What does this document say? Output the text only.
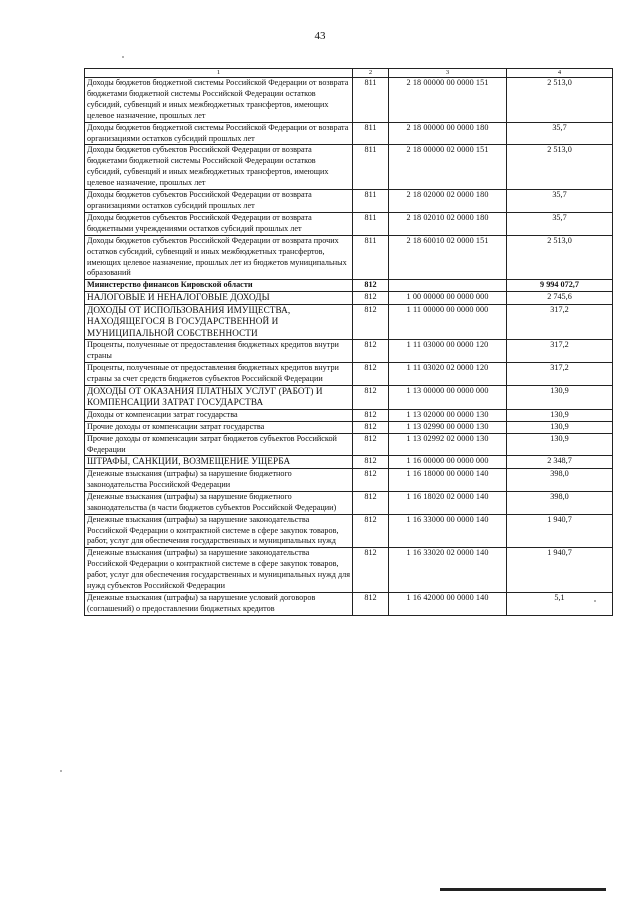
43
1	2	3	4
Доходы бюджетов бюджетной системы Российской Федерации от возврата бюджетами бюджетной системы Российской Федерации остатков субсидий, субвенций и иных межбюджетных трансфертов, имеющих целевое назначение, прошлых лет	811	2 18 00000 00 0000 151	2 513,0
Доходы бюджетов бюджетной системы Российской Федерации от возврата организациями остатков субсидий прошлых лет	811	2 18 00000 00 0000 180	35,7
Доходы бюджетов субъектов Российской Федерации от возврата бюджетами бюджетной системы Российской Федерации остатков субсидий, субвенций и иных межбюджетных трансфертов, имеющих целевое назначение, прошлых лет	811	2 18 00000 02 0000 151	2 513,0
Доходы бюджетов субъектов Российской Федерации от возврата организациями остатков субсидий прошлых лет	811	2 18 02000 02 0000 180	35,7
Доходы бюджетов субъектов Российской Федерации от возврата бюджетными учреждениями остатков субсидий прошлых лет	811	2 18 02010 02 0000 180	35,7
Доходы бюджетов субъектов Российской Федерации от возврата прочих остатков субсидий, субвенций и иных межбюджетных трансфертов, имеющих целевое назначение, прошлых лет из бюджетов муниципальных образований	811	2 18 60010 02 0000 151	2 513,0
Министерство финансов Кировской области	812		9 994 072,7
НАЛОГОВЫЕ И НЕНАЛОГОВЫЕ ДОХОДЫ	812	1 00 00000 00 0000 000	2 745,6
ДОХОДЫ ОТ ИСПОЛЬЗОВАНИЯ ИМУЩЕСТВА, НАХОДЯЩЕГОСЯ В ГОСУДАРСТВЕННОЙ И МУНИЦИПАЛЬНОЙ СОБСТВЕННОСТИ	812	1 11 00000 00 0000 000	317,2
Проценты, полученные от предоставления бюджетных кредитов внутри страны	812	1 11 03000 00 0000 120	317,2
Проценты, полученные от предоставления бюджетных кредитов внутри страны за счет средств бюджетов субъектов Российской Федерации	812	1 11 03020 02 0000 120	317,2
ДОХОДЫ ОТ ОКАЗАНИЯ ПЛАТНЫХ УСЛУГ (РАБОТ) И КОМПЕНСАЦИИ ЗАТРАТ ГОСУДАРСТВА	812	1 13 00000 00 0000 000	130,9
Доходы от компенсации затрат государства	812	1 13 02000 00 0000 130	130,9
Прочие доходы от компенсации затрат государства	812	1 13 02990 00 0000 130	130,9
Прочие доходы от компенсации затрат бюджетов субъектов Российской Федерации	812	1 13 02992 02 0000 130	130,9
ШТРАФЫ, САНКЦИИ, ВОЗМЕЩЕНИЕ УЩЕРБА	812	1 16 00000 00 0000 000	2 348,7
Денежные взыскания (штрафы) за нарушение бюджетного законодательства Российской Федерации	812	1 16 18000 00 0000 140	398,0
Денежные взыскания (штрафы) за нарушение бюджетного законодательства (в части бюджетов субъектов Российской Федерации)	812	1 16 18020 02 0000 140	398,0
Денежные взыскания (штрафы) за нарушение законодательства Российской Федерации о контрактной системе в сфере закупок товаров, работ, услуг для обеспечения государственных и муниципальных нужд	812	1 16 33000 00 0000 140	1 940,7
Денежные взыскания (штрафы) за нарушение законодательства Российской Федерации о контрактной системе в сфере закупок товаров, работ, услуг для обеспечения государственных и муниципальных нужд для нужд субъектов Российской Федерации	812	1 16 33020 02 0000 140	1 940,7
Денежные взыскания (штрафы) за нарушение условий договоров (соглашений) о предоставлении бюджетных кредитов	812	1 16 42000 00 0000 140	5,1
